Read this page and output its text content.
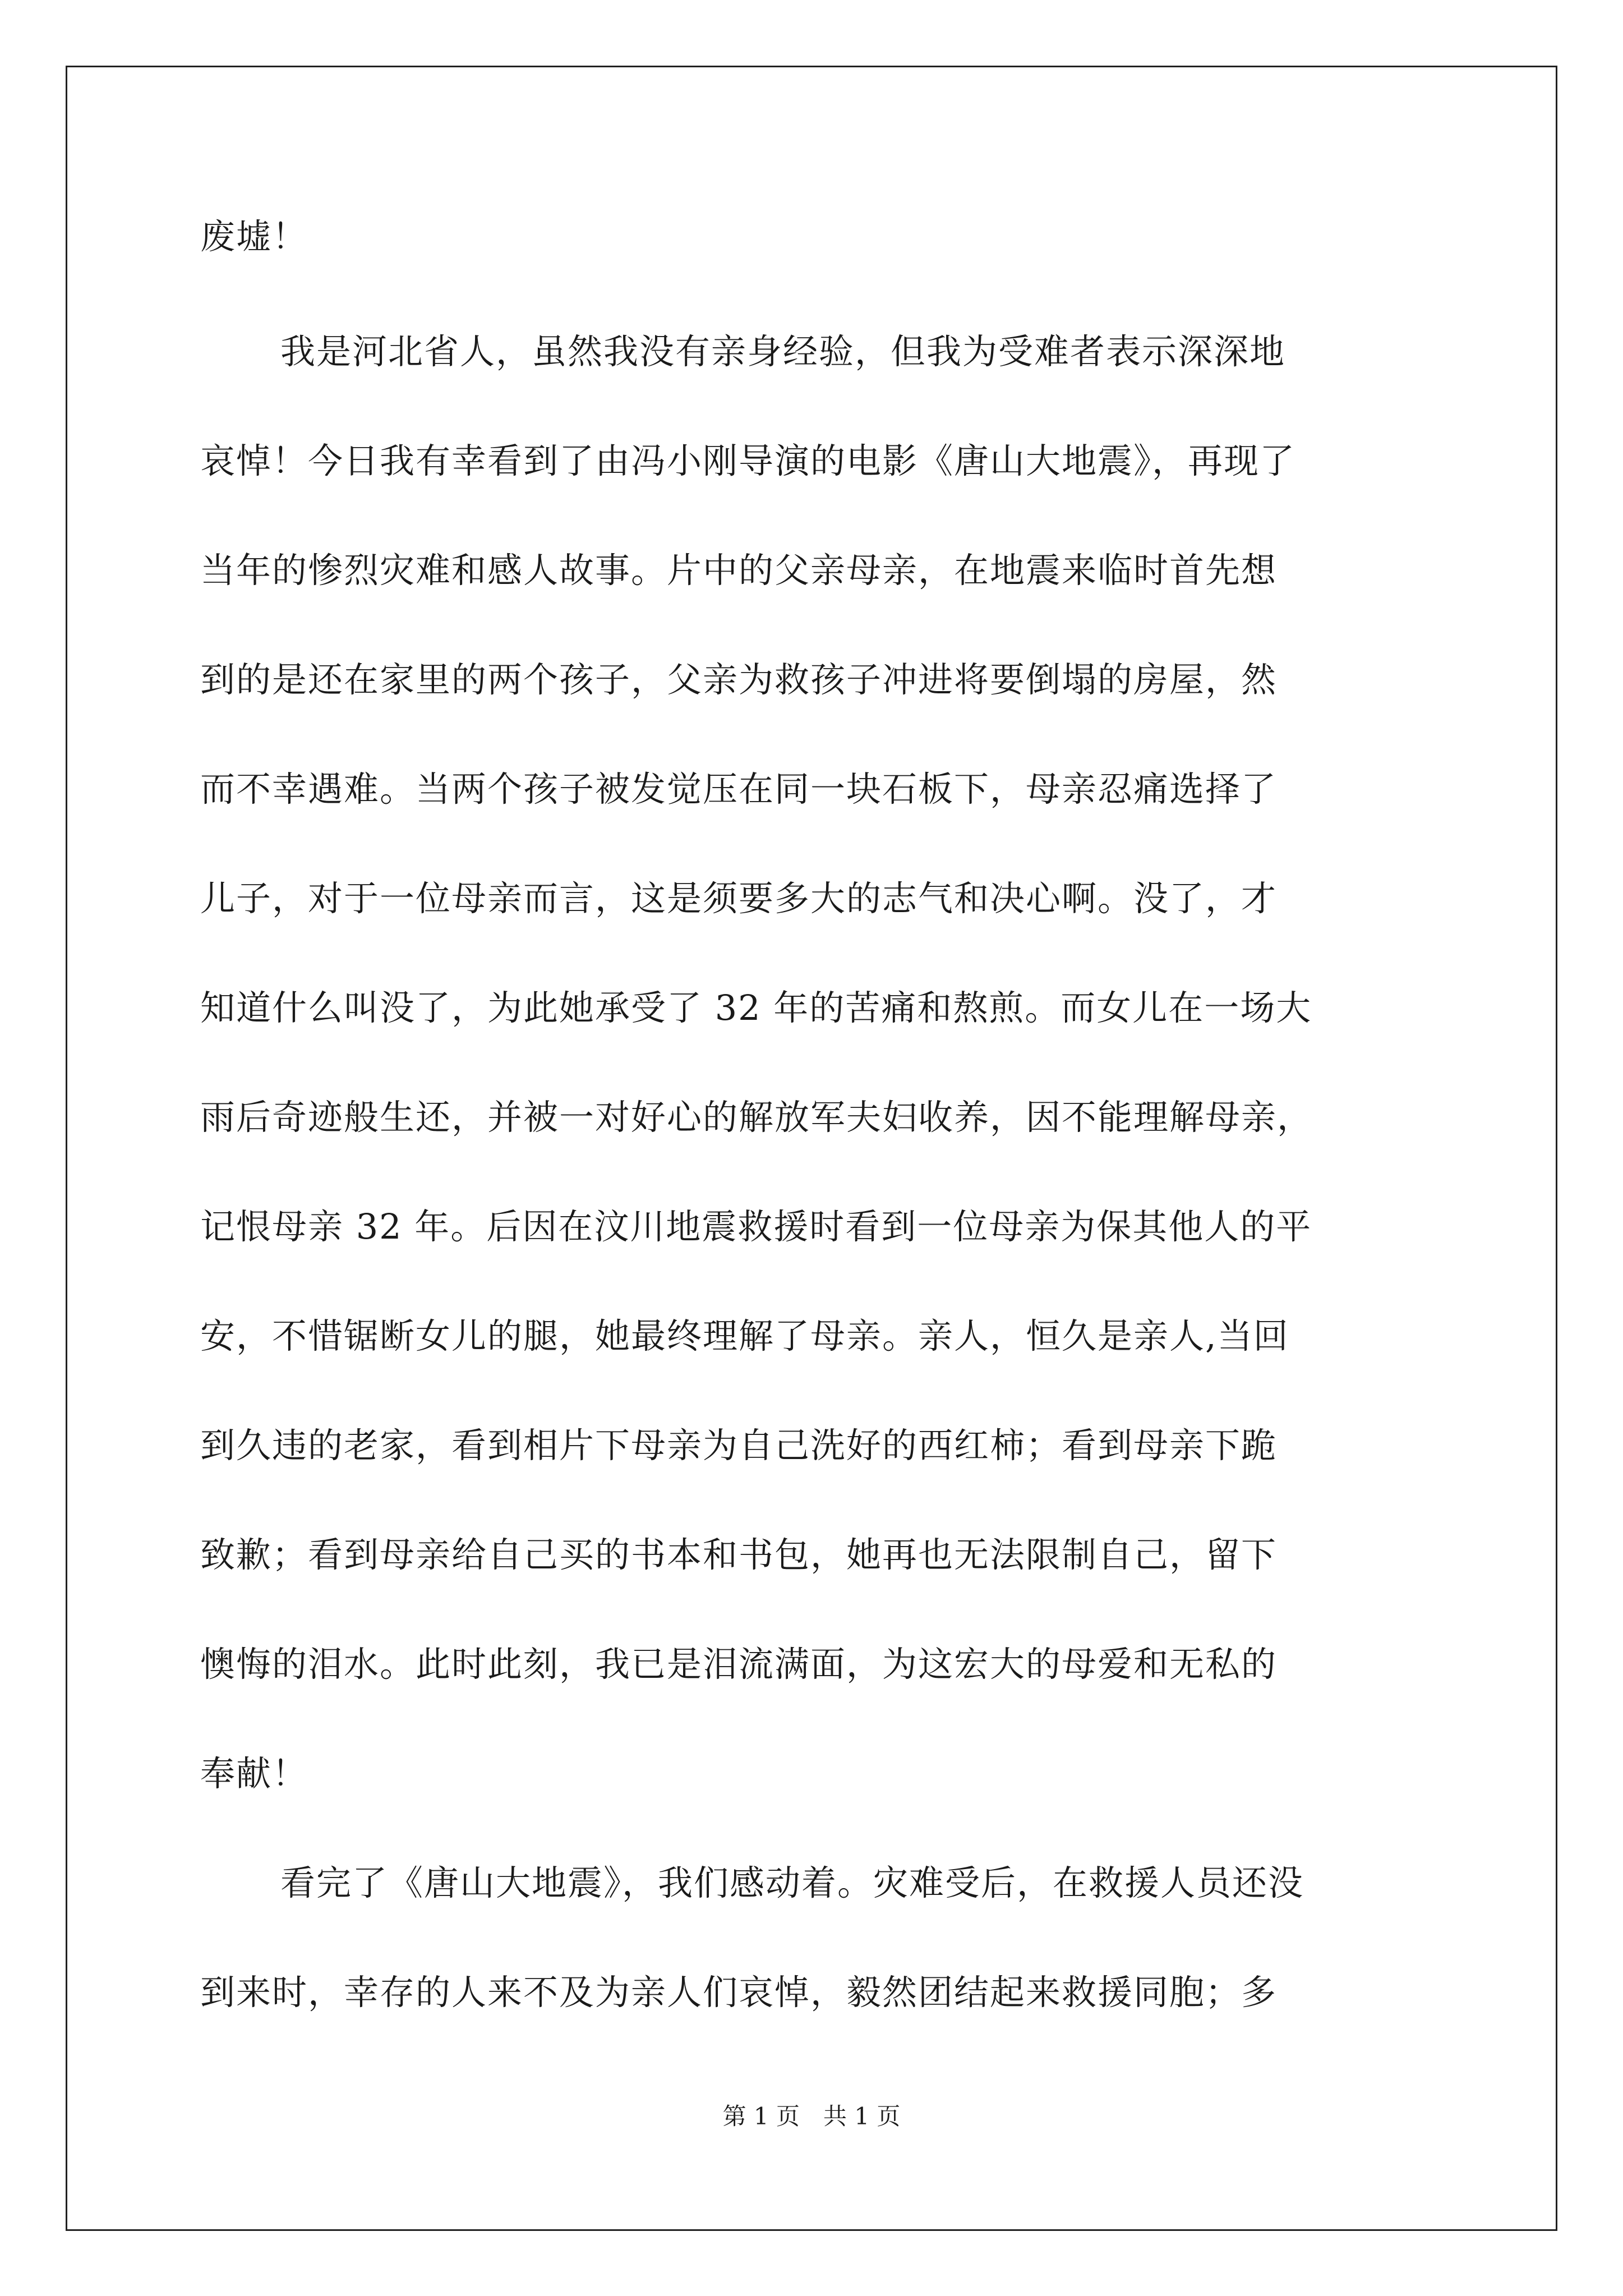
废墟！
我是河北省人，虽然我没有亲身经验，但我为受难者表示深深地
哀悼！今日我有幸看到了由冯小刚导演的电影《唐山大地震》，再现了
当年的惨烈灾难和感人故事。片中的父亲母亲，在地震来临时首先想
到的是还在家里的两个孩子，父亲为救孩子冲进将要倒塌的房屋，然
而不幸遇难。当两个孩子被发觉压在同一块石板下，母亲忍痛选择了
儿子，对于一位母亲而言，这是须要多大的志气和决心啊。没了，才
知道什么叫没了，为此她承受了 32 年的苦痛和熬煎。而女儿在一场大
雨后奇迹般生还，并被一对好心的解放军夫妇收养，因不能理解母亲，
记恨母亲 32 年。后因在汶川地震救援时看到一位母亲为保其他人的平
安，不惜锯断女儿的腿，她最终理解了母亲。亲人，恒久是亲人,当回
到久违的老家，看到相片下母亲为自己洗好的西红柿；看到母亲下跪
致歉；看到母亲给自己买的书本和书包，她再也无法限制自己，留下
懊悔的泪水。此时此刻，我已是泪流满面，为这宏大的母爱和无私的
奉献！
看完了《唐山大地震》，我们感动着。灾难受后，在救援人员还没
到来时，幸存的人来不及为亲人们哀悼，毅然团结起来救援同胞；多
第 1 页　共 1 页
